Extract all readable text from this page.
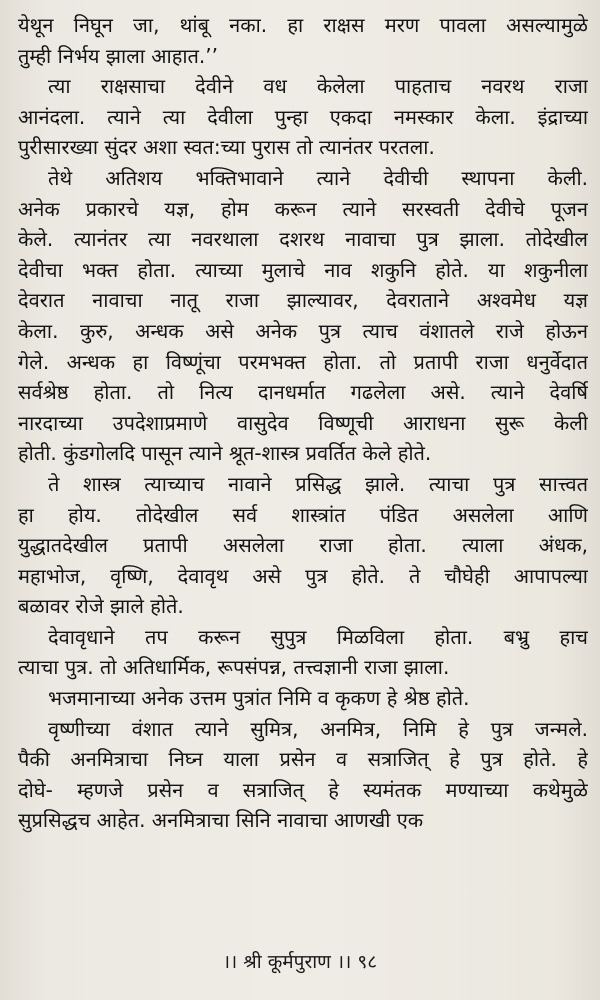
येथून निघून जा, थांबू नका. हा राक्षस मरण पावला असल्यामुळे
तुम्ही निर्भय झाला आहात.’’
त्या राक्षसाचा देवीने वध केलेला पाहताच नवरथ राजा
आनंदला. त्याने त्या देवीला पुन्हा एकदा नमस्कार केला. इंद्राच्या
पुरीसारख्या सुंदर अशा स्वत:च्या पुरास तो त्यानंतर परतला.
तेथे अतिशय भक्तिभावाने त्याने देवीची स्थापना केली.
अनेक प्रकारचे यज्ञ, होम करून त्याने सरस्वती देवीचे पूजन
केले. त्यानंतर त्या नवरथाला दशरथ नावाचा पुत्र झाला. तोदेखील
देवीचा भक्त होता. त्याच्या मुलाचे नाव शकुनि होते. या शकुनीला
देवरात नावाचा नातू राजा झाल्यावर, देवराताने अश्वमेध यज्ञ
केला. कुरु, अन्धक असे अनेक पुत्र त्याच वंशातले राजे होऊन
गेले. अन्धक हा विष्णूंचा परमभक्त होता. तो प्रतापी राजा धनुर्वेदात
सर्वश्रेष्ठ होता. तो नित्य दानधर्मात गढलेला असे. त्याने देवर्षि
नारदाच्या उपदेशाप्रमाणे वासुदेव विष्णूची आराधना सुरू केली
होती. कुंडगोलदि पासून त्याने श्रूत-शास्त्र प्रवर्तित केले होते.
ते शास्त्र त्याच्याच नावाने प्रसिद्ध झाले. त्याचा पुत्र सात्त्वत
हा होय. तोदेखील सर्व शास्त्रांत पंडित असलेला आणि
युद्धातदेखील प्रतापी असलेला राजा होता. त्याला अंधक,
महाभोज, वृष्णि, देवावृथ असे पुत्र होते. ते चौघेही आपापल्या
बळावर रोजे झाले होते.
देवावृधाने तप करून सुपुत्र मिळविला होता. बभ्रु हाच
त्याचा पुत्र. तो अतिधार्मिक, रूपसंपन्न, तत्त्वज्ञानी राजा झाला.
भजमानाच्या अनेक उत्तम पुत्रांत निमि व कृकण हे श्रेष्ठ होते.
वृष्णीच्या वंशात त्याने सुमित्र, अनमित्र, निमि हे पुत्र जन्मले.
पैकी अनमित्राचा निघ्न याला प्रसेन व सत्राजित् हे पुत्र होते. हे
दोघे- म्हणजे प्रसेन व सत्राजित् हे स्यमंतक मण्याच्या कथेमुळे
सुप्रसिद्धच आहेत. अनमित्राचा सिनि नावाचा आणखी एक
।। श्री कूर्मपुराण ।। ९८
